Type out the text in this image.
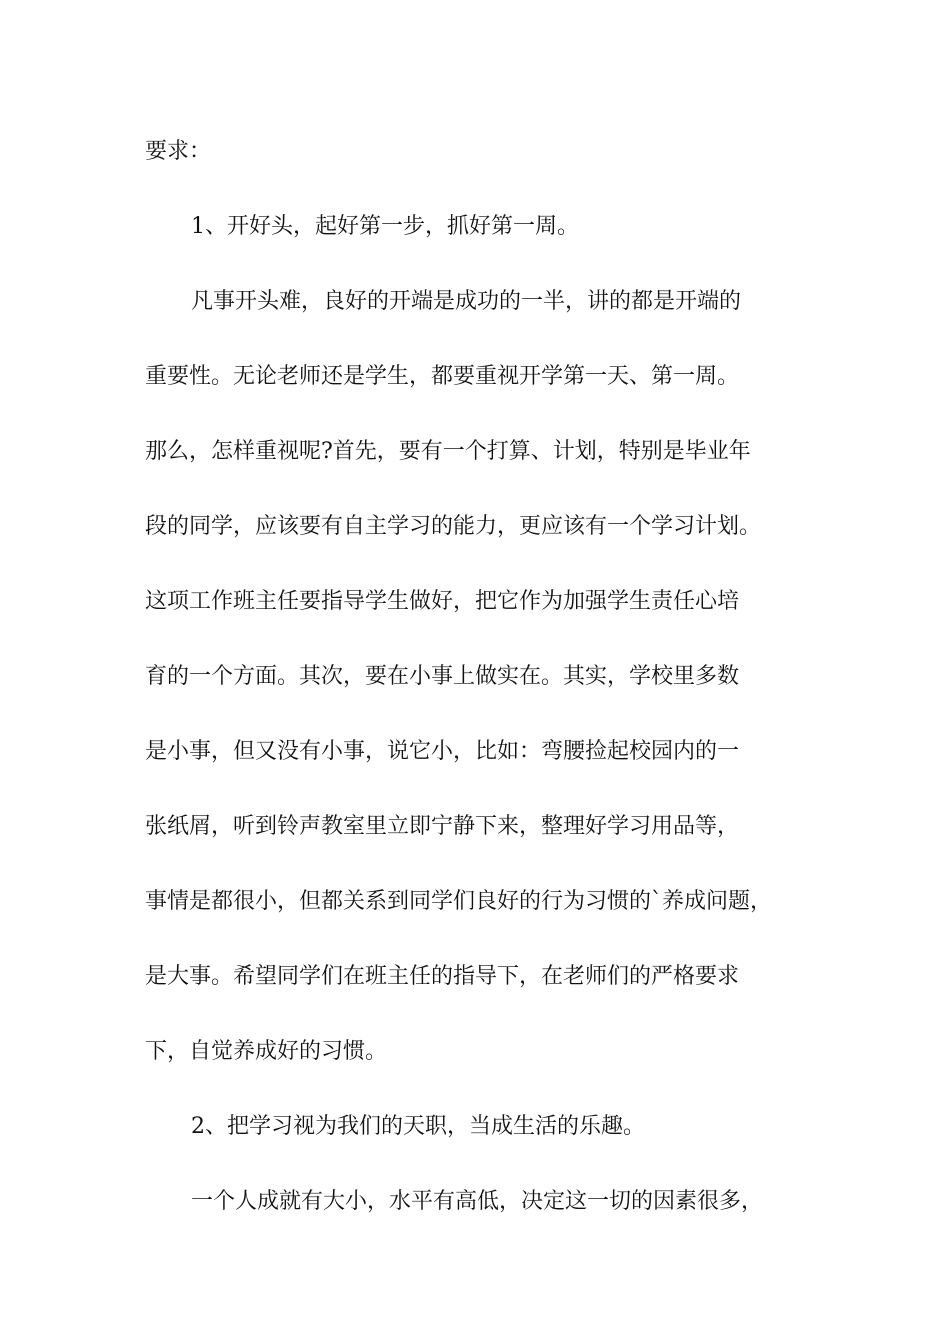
要求：
1、开好头，起好第一步，抓好第一周。
凡事开头难，良好的开端是成功的一半，讲的都是开端的
重要性。无论老师还是学生，都要重视开学第一天、第一周。
那么，怎样重视呢?首先，要有一个打算、计划，特别是毕业年
段的同学，应该要有自主学习的能力，更应该有一个学习计划。
这项工作班主任要指导学生做好，把它作为加强学生责任心培
育的一个方面。其次，要在小事上做实在。其实，学校里多数
是小事，但又没有小事，说它小，比如：弯腰捡起校园内的一
张纸屑，听到铃声教室里立即宁静下来，整理好学习用品等，
事情是都很小，但都关系到同学们良好的行为习惯的`养成问题，
是大事。希望同学们在班主任的指导下，在老师们的严格要求
下，自觉养成好的习惯。
2、把学习视为我们的天职，当成生活的乐趣。
一个人成就有大小，水平有高低，决定这一切的因素很多，
